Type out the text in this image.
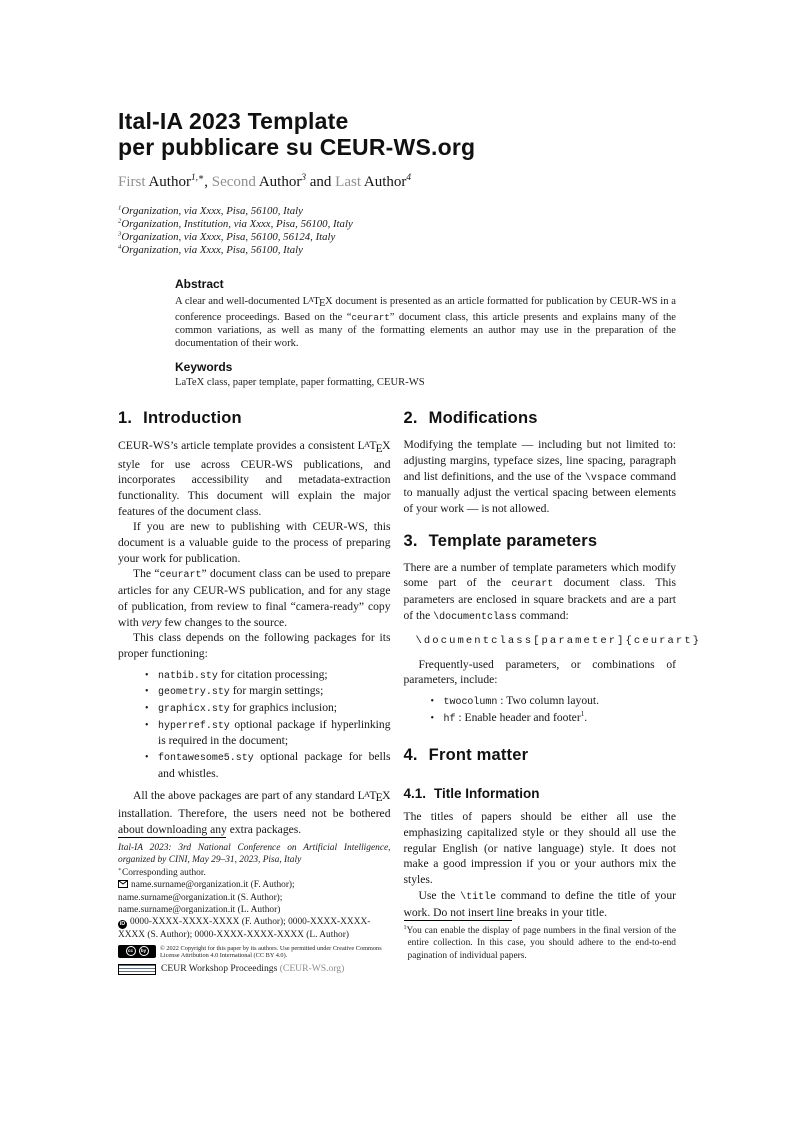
Ital-IA 2023 Template
per pubblicare su CEUR-WS.org
First Author$^{1,∗}$, Second Author$^3$ and Last Author$^4$
$^1$Organization, via Xxxx, Pisa, 56100, Italy
$^2$Organization, Institution, via Xxxx, Pisa, 56100, Italy
$^3$Organization, via Xxxx, Pisa, 56100, 56124, Italy
$^4$Organization, via Xxxx, Pisa, 56100, Italy
Abstract
A clear and well-documented LATEX document is presented as an article formatted for publication by CEUR-WS in a conference proceedings. Based on the “ceurart” document class, this article presents and explains many of the common variations, as well as many of the formatting elements an author may use in the preparation of the documentation of their work.
Keywords
LaTeX class, paper template, paper formatting, CEUR-WS
1. Introduction

CEUR-WS’s article template provides a consistent LATEX style for use across CEUR-WS publications, and incorporates accessibility and metadata-extraction functionality. This document will explain the major features of the document class.

If you are new to publishing with CEUR-WS, this document is a valuable guide to the process of preparing your work for publication.

The “ceurart” document class can be used to prepare articles for any CEUR-WS publication, and for any stage of publication, from review to final “camera-ready” copy with very few changes to the source.

This class depends on the following packages for its proper functioning:

• natbib.sty for citation processing;
• geometry.sty for margin settings;
• graphicx.sty for graphics inclusion;
• hyperref.sty optional package if hyperlinking is required in the document;
• fontawesome5.sty optional package for bells and whistles.

All the above packages are part of any standard LATEX installation. Therefore, the users need not be bothered about downloading any extra packages.

Ital-IA 2023: 3rd National Conference on Artificial Intelligence, organized by CINI, May 29–31, 2023, Pisa, Italy
∗Corresponding author.
name.surname@organization.it (F. Author); name.surname@organization.it (S. Author); name.surname@organization.it (L. Author)
iD 0000-XXXX-XXXX-XXXX (F. Author); 0000-XXXX-XXXX-XXXX (S. Author); 0000-XXXX-XXXX-XXXX (L. Author)
cc	by	© 2022 Copyright for this paper by its authors. Use permitted under Creative Commons License Attribution 4.0 International (CC BY 4.0).
CEUR Workshop Proceedings (CEUR-WS.org)
2. Modifications

Modifying the template — including but not limited to: adjusting margins, typeface sizes, line spacing, paragraph and list definitions, and the use of the \vspace command to manually adjust the vertical spacing between elements of your work — is not allowed.

3. Template parameters

There are a number of template parameters which modify some part of the ceurart document class. This parameters are enclosed in square brackets and are a part of the \documentclass command:

\documentclass[parameter]{ceurart}

Frequently-used parameters, or combinations of parameters, include:

• twocolumn : Two column layout.
• hf : Enable header and footer$^1$.
4. Front matter
4.1. Title Information

The titles of papers should be either all use the emphasizing capitalized style or they should all use the regular English (or native language) style. It does not make a good impression if you or your authors mix the styles.

Use the \title command to define the title of your work. Do not insert line breaks in your title.

$^1$You can enable the display of page numbers in the final version of the entire collection. In this case, you should adhere to the end-to-end pagination of individual papers.
